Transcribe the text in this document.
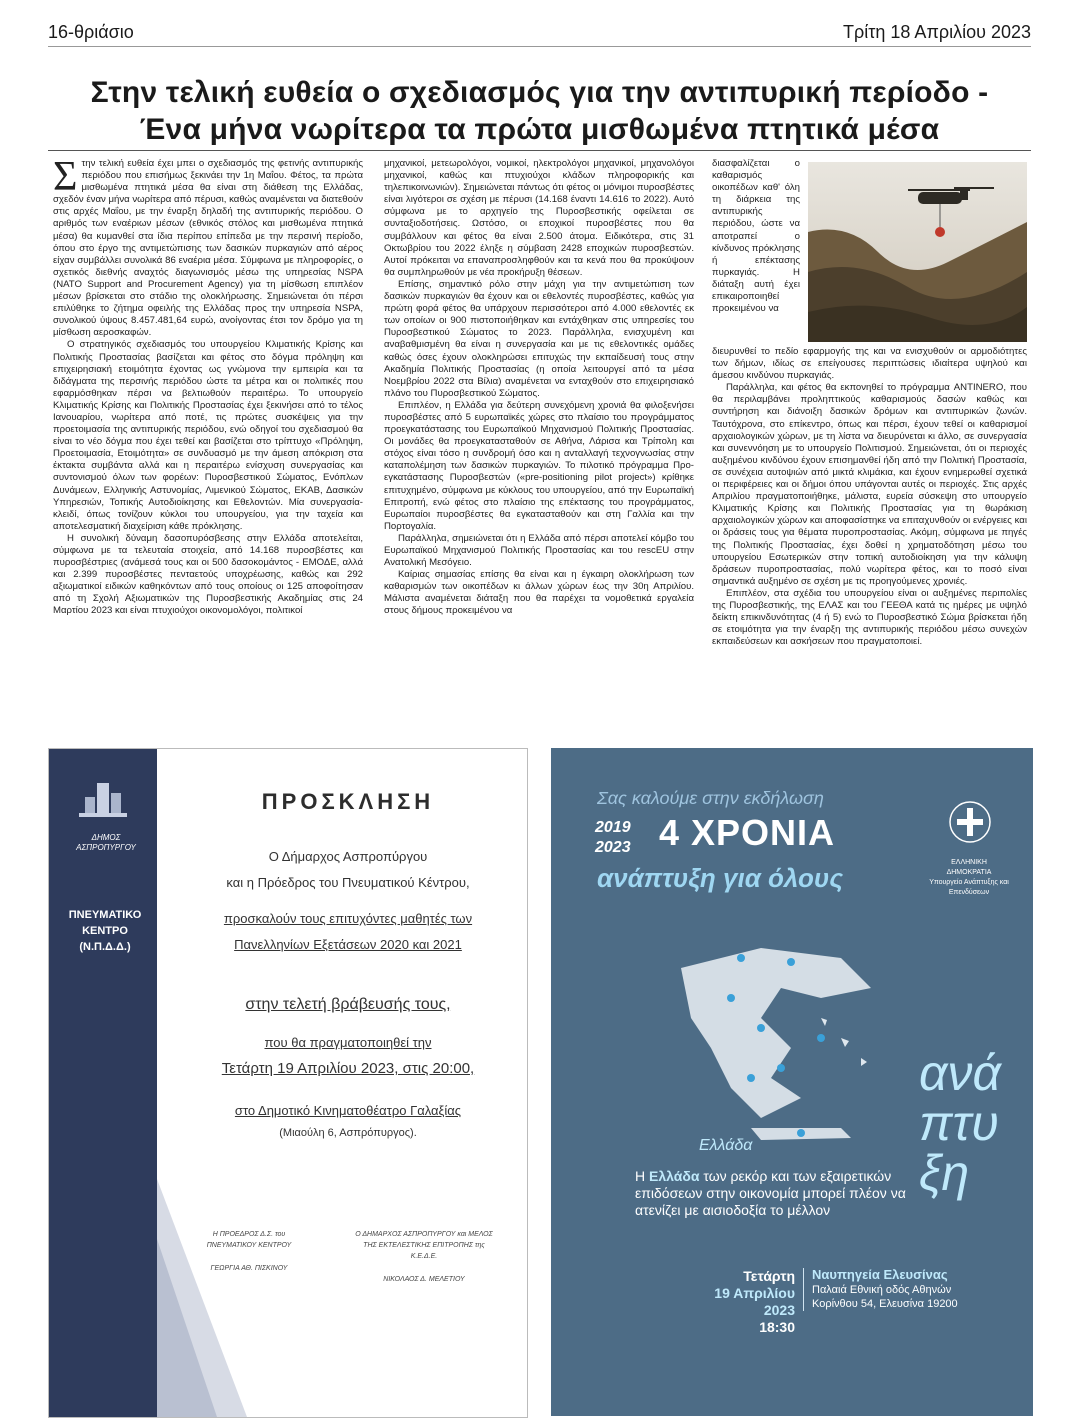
16-θριάσιο	Τρίτη 18 Απριλίου 2023
Στην τελική ευθεία ο σχεδιασμός για την αντιπυρική περίοδο -
Ένα μήνα νωρίτερα τα πρώτα μισθωμένα πτητικά μέσα

Στην τελική ευθεία έχει μπει ο σχεδιασμός της φετινής αντιπυρικής περιόδου που επισήμως ξεκινάει την 1η Μαΐου. Φέτος, τα πρώτα μισθωμένα πτητικά μέσα θα είναι στη διάθεση της Ελλάδας, σχεδόν έναν μήνα νωρίτερα από πέρυσι, καθώς αναμένεται να διατεθούν στις αρχές Μαΐου, με την έναρξη δηλαδή της αντιπυρικής περιόδου. Ο αριθμός των εναέριων μέσων (εθνικός στόλος και μισθωμένα πτητικά μέσα) θα κυμανθεί στα ίδια περίπου επίπεδα με την περσινή περίοδο, όπου στο έργο της αντιμετώπισης των δασικών πυρκαγιών από αέρος είχαν συμβάλλει συνολικά 86 εναέρια μέσα. Σύμφωνα με πληροφορίες, ο σχετικός διεθνής αναχτός διαγωνισμός μέσω της υπηρεσίας NSPA (NATO Support and Procurement Agency) για τη μίσθωση επιπλέον μέσων βρίσκεται στο στάδιο της ολοκλήρωσης. Σημειώνεται ότι πέρσι επιλύθηκε το ζήτημα οφειλής της Ελλάδας προς την υπηρεσία NSPA, συνολικού ύψους 8.457.481,64 ευρώ, ανοίγοντας έτσι τον δρόμο για τη μίσθωση αεροσκαφών.

Ο στρατηγικός σχεδιασμός του υπουργείου Κλιματικής Κρίσης και Πολιτικής Προστασίας βασίζεται και φέτος στο δόγμα πρόληψη και επιχειρησιακή ετοιμότητα έχοντας ως γνώμονα την εμπειρία και τα διδάγματα της περσινής περιόδου ώστε τα μέτρα και οι πολιτικές που εφαρμόσθηκαν πέρσι να βελτιωθούν περαιτέρω. Το υπουργείο Κλιματικής Κρίσης και Πολιτικής Προστασίας έχει ξεκινήσει από το τέλος Ιανουαρίου, νωρίτερα από ποτέ, τις πρώτες συσκέψεις για την προετοιμασία της αντιπυρικής περιόδου, ενώ οδηγοί του σχεδιασμού θα είναι το νέο δόγμα που έχει τεθεί και βασίζεται στο τρίπτυχο «Πρόληψη, Προετοιμασία, Ετοιμότητα» σε συνδυασμό με την άμεση απόκριση στα έκτακτα συμβάντα αλλά και η περαιτέρω ενίσχυση συνεργασίας και συντονισμού όλων των φορέων: Πυροσβεστικού Σώματος, Ενόπλων Δυνάμεων, Ελληνικής Αστυνομίας, Λιμενικού Σώματος, ΕΚΑΒ, Δασικών Υπηρεσιών, Τοπικής Αυτοδιοίκησης και Εθελοντών. Μία συνεργασία-κλειδί, όπως τονίζουν κύκλοι του υπουργείου, για την ταχεία και αποτελεσματική διαχείριση κάθε πρόκλησης.

Η συνολική δύναμη δασοπυρόσβεσης στην Ελλάδα αποτελείται, σύμφωνα με τα τελευταία στοιχεία, από 14.168 πυροσβέστες και πυροσβέστριες (ανάμεσά τους και οι 500 δασοκομάντος - ΕΜΟΔΕ, αλλά και 2.399 πυροσβέστες πενταετούς υποχρέωσης, καθώς και 292 αξιωματικοί ειδικών καθηκόντων από τους οποίους οι 125 αποφοίτησαν από τη Σχολή Αξιωματικών της Πυροσβεστικής Ακαδημίας στις 24 Μαρτίου 2023 και είναι πτυχιούχοι οικονομολόγοι, πολιτικοί

μηχανικοί, μετεωρολόγοι, νομικοί, ηλεκτρολόγοι μηχανικοί, μηχανολόγοι μηχανικοί, καθώς και πτυχιούχοι κλάδων πληροφορικής και τηλεπικοινωνιών). Σημειώνεται πάντως ότι φέτος οι μόνιμοι πυροσβέστες είναι λιγότεροι σε σχέση με πέρυσι (14.168 έναντι 14.616 το 2022). Αυτό σύμφωνα με το αρχηγείο της Πυροσβεστικής οφείλεται σε συνταξιοδοτήσεις. Ωστόσο, οι εποχικοί πυροσβέστες που θα συμβάλλουν και φέτος θα είναι 2.500 άτομα. Ειδικότερα, στις 31 Οκτωβρίου του 2022 έληξε η σύμβαση 2428 εποχικών πυροσβεστών. Αυτοί πρόκειται να επαναπροσληφθούν και τα κενά που θα προκύψουν θα συμπληρωθούν με νέα προκήρυξη θέσεων.

Επίσης, σημαντικό ρόλο στην μάχη για την αντιμετώπιση των δασικών πυρκαγιών θα έχουν και οι εθελοντές πυροσβέστες, καθώς για πρώτη φορά φέτος θα υπάρχουν περισσότεροι από 4.000 εθελοντές εκ των οποίων οι 900 πιστοποιήθηκαν και εντάχθηκαν στις υπηρεσίες του Πυροσβεστικού Σώματος το 2023. Παράλληλα, ενισχυμένη και αναβαθμισμένη θα είναι η συνεργασία και με τις εθελοντικές ομάδες καθώς όσες έχουν ολοκληρώσει επιτυχώς την εκπαίδευσή τους στην Ακαδημία Πολιτικής Προστασίας (η οποία λειτουργεί από τα μέσα Νοεμβρίου 2022 στα Βίλια) αναμένεται να ενταχθούν στο επιχειρησιακό πλάνο του Πυροσβεστικού Σώματος.

Επιπλέον, η Ελλάδα για δεύτερη συνεχόμενη χρονιά θα φιλοξενήσει πυροσβέστες από 5 ευρωπαϊκές χώρες στο πλαίσιο του προγράμματος προεγκατάστασης του Ευρωπαϊκού Μηχανισμού Πολιτικής Προστασίας. Οι μονάδες θα προεγκατασταθούν σε Αθήνα, Λάρισα και Τρίπολη και στόχος είναι τόσο η συνδρομή όσο και η ανταλλαγή τεχνογνωσίας στην καταπολέμηση των δασικών πυρκαγιών. Το πιλοτικό πρόγραμμα Προ-εγκατάστασης Πυροσβεστών («pre-positioning pilot project») κρίθηκε επιτυχημένο, σύμφωνα με κύκλους του υπουργείου, από την Ευρωπαϊκή Επιτροπή, ενώ φέτος στο πλαίσιο της επέκτασης του προγράμματος, Ευρωπαίοι πυροσβέστες θα εγκατασταθούν και στη Γαλλία και την Πορτογαλία.

Παράλληλα, σημειώνεται ότι η Ελλάδα από πέρσι αποτελεί κόμβο του Ευρωπαϊκού Μηχανισμού Πολιτικής Προστασίας και του rescEU στην Ανατολική Μεσόγειο.

Καίριας σημασίας επίσης θα είναι και η έγκαιρη ολοκλήρωση των καθαρισμών των οικοπέδων κι άλλων χώρων έως την 30η Απριλίου. Μάλιστα αναμένεται διάταξη που θα παρέχει τα νομοθετικά εργαλεία στους δήμους προκειμένου να

διασφαλίζεται ο καθαρισμός οικοπέδων καθ' όλη τη διάρκεια της αντιπυρικής περιόδου, ώστε να αποτραπεί ο κίνδυνος πρόκλησης ή επέκτασης πυρκαγιάς. Η διάταξη αυτή έχει επικαιροποιηθεί προκειμένου να

διευρυνθεί το πεδίο εφαρμογής της και να ενισχυθούν οι αρμοδιότητες των δήμων, ιδίως σε επείγουσες περιπτώσεις ιδιαίτερα υψηλού και άμεσου κινδύνου πυρκαγιάς.

Παράλληλα, και φέτος θα εκπονηθεί το πρόγραμμα ANTINERO, που θα περιλαμβάνει προληπτικούς καθαρισμούς δασών καθώς και συντήρηση και διάνοιξη δασικών δρόμων και αντιπυρικών ζωνών. Ταυτόχρονα, στο επίκεντρο, όπως και πέρσι, έχουν τεθεί οι καθαρισμοί αρχαιολογικών χώρων, με τη λίστα να διευρύνεται κι άλλο, σε συνεργασία και συνεννόηση με το υπουργείο Πολιτισμού. Σημειώνεται, ότι οι περιοχές αυξημένου κινδύνου έχουν επισημανθεί ήδη από την Πολιτική Προστασία, σε συνέχεια αυτοψιών από μικτά κλιμάκια, και έχουν ενημερωθεί σχετικά οι περιφέρειες και οι δήμοι όπου υπάγονται αυτές οι περιοχές. Στις αρχές Απριλίου πραγματοποιήθηκε, μάλιστα, ευρεία σύσκεψη στο υπουργείο Κλιματικής Κρίσης και Πολιτικής Προστασίας για τη θωράκιση αρχαιολογικών χώρων και αποφασίστηκε να επιταχυνθούν οι ενέργειες και οι δράσεις τους για θέματα πυροπροστασίας. Ακόμη, σύμφωνα με πηγές της Πολιτικής Προστασίας, έχει δοθεί η χρηματοδότηση μέσω του υπουργείου Εσωτερικών στην τοπική αυτοδιοίκηση για την κάλυψη δράσεων πυροπροστασίας, πολύ νωρίτερα φέτος, και το ποσό είναι σημαντικά αυξημένο σε σχέση με τις προηγούμενες χρονιές.

Επιπλέον, στα σχέδια του υπουργείου είναι οι αυξημένες περιπολίες της Πυροσβεστικής, της ΕΛΑΣ και του ΓΕΕΘΑ κατά τις ημέρες με υψηλό δείκτη επικινδυνότητας (4 ή 5) ενώ το Πυροσβεστικό Σώμα βρίσκεται ήδη σε ετοιμότητα για την έναρξη της αντιπυρικής περιόδου μέσω συνεχών εκπαιδεύσεων και ασκήσεων που πραγματοποιεί.

ΔΗΜΟΣ ΑΣΠΡΟΠΥΡΓΟΥ
ΠΝΕΥΜΑΤΙΚΟ ΚΕΝΤΡΟ (Ν.Π.Δ.Δ.)
ΠΡΟΣΚΛΗΣΗ
Ο Δήμαρχος Ασπροπύργου
και η Πρόεδρος του Πνευματικού Κέντρου,
προσκαλούν τους επιτυχόντες μαθητές των
Πανελληνίων Εξετάσεων 2020 και 2021
στην τελετή βράβευσής τους,
που θα πραγματοποιηθεί την
Τετάρτη 19 Απριλίου 2023, στις 20:00,
στο Δημοτικό Κινηματοθέατρο Γαλαξίας
(Μιαούλη 6, Ασπρόπυργος).
Η ΠΡΟΕΔΡΟΣ Δ.Σ. του ΠΝΕΥΜΑΤΙΚΟΥ ΚΕΝΤΡΟΥ
ΓΕΩΡΓΙΑ ΑΘ. ΠΙΣΚΙΝΟΥ
Ο ΔΗΜΑΡΧΟΣ ΑΣΠΡΟΠΥΡΓΟΥ και ΜΕΛΟΣ ΤΗΣ ΕΚΤΕΛΕΣΤΙΚΗΣ ΕΠΙΤΡΟΠΗΣ της Κ.Ε.Δ.Ε.
ΝΙΚΟΛΑΟΣ Δ. ΜΕΛΕΤΙΟΥ
Σας καλούμε στην εκδήλωση
2019
2023 4 ΧΡΟΝΙΑ
ανάπτυξη για όλους
ΕΛΛΗΝΙΚΗ ΔΗΜΟΚΡΑΤΙΑ
Υπουργείο Ανάπτυξης και Επενδύσεων
Ελλάδα
ανά
πτυ
ξη
Η Ελλάδα των ρεκόρ και των εξαιρετικών επιδόσεων στην οικονομία μπορεί πλέον να ατενίζει με αισιοδοξία το μέλλον
Τετάρτη
19 Απριλίου
2023
18:30
Ναυπηγεία Ελευσίνας
Παλαιά Εθνική οδός Αθηνών Κορίνθου 54, Ελευσίνα 19200
